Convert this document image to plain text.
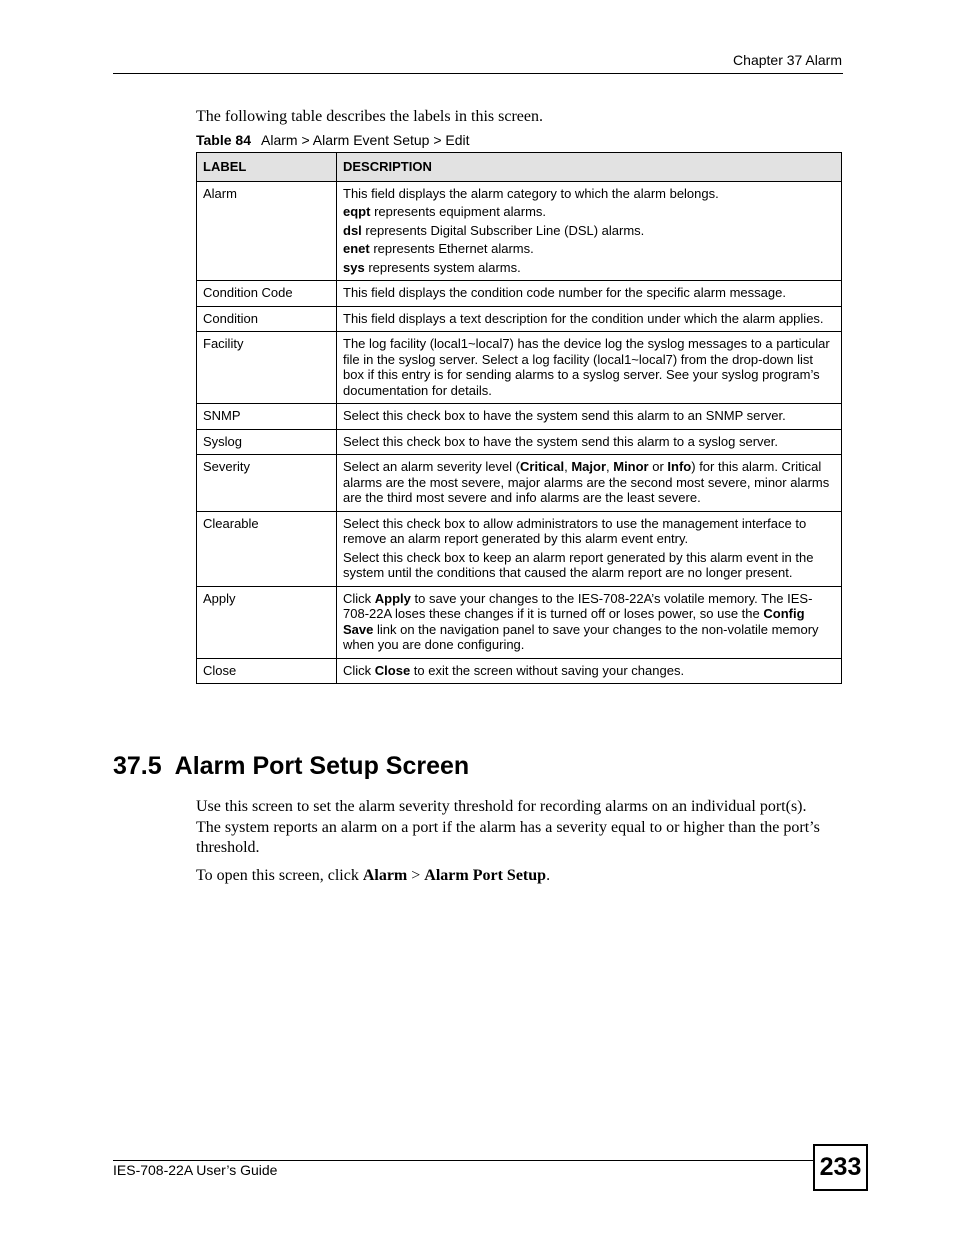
Chapter 37 Alarm
The following table describes the labels in this screen.
Table 84 Alarm > Alarm Event Setup > Edit
LABEL	DESCRIPTION
Alarm	This field displays the alarm category to which the alarm belongs.

eqpt represents equipment alarms.

dsl represents Digital Subscriber Line (DSL) alarms.

enet represents Ethernet alarms.

sys represents system alarms.

Condition Code	This field displays the condition code number for the specific alarm message.

Condition	This field displays a text description for the condition under which the alarm applies.

Facility	The log facility (local1~local7) has the device log the syslog messages to a particular file in the syslog server. Select a log facility (local1~local7) from the drop-down list box if this entry is for sending alarms to a syslog server. See your syslog program’s documentation for details.

SNMP	Select this check box to have the system send this alarm to an SNMP server.

Syslog	Select this check box to have the system send this alarm to a syslog server.

Severity	Select an alarm severity level (Critical, Major, Minor or Info) for this alarm. Critical alarms are the most severe, major alarms are the second most severe, minor alarms are the third most severe and info alarms are the least severe.

Clearable	Select this check box to allow administrators to use the management interface to remove an alarm report generated by this alarm event entry.

Select this check box to keep an alarm report generated by this alarm event in the system until the conditions that caused the alarm report are no longer present.

Apply	Click Apply to save your changes to the IES-708-22A’s volatile memory. The IES-708-22A loses these changes if it is turned off or loses power, so use the Config Save link on the navigation panel to save your changes to the non-volatile memory when you are done configuring.

Close	Click Close to exit the screen without saving your changes.

37.5 Alarm Port Setup Screen
Use this screen to set the alarm severity threshold for recording alarms on an individual port(s). The system reports an alarm on a port if the alarm has a severity equal to or higher than the port’s threshold.
To open this screen, click Alarm > Alarm Port Setup.
IES-708-22A User’s Guide	233
